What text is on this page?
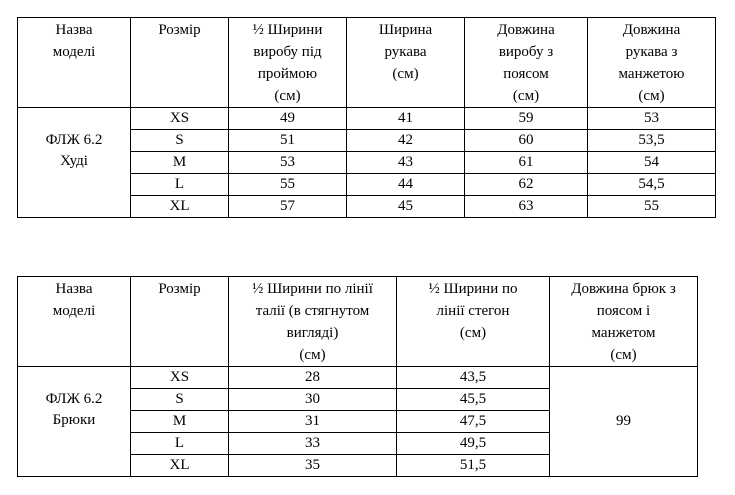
Назва
моделі	Розмір	½ Ширини
виробу під
проймою
(см)	Ширина
рукава
(см)	Довжина
виробу з
поясом
(см)	Довжина
рукава з
манжетою
(см)

ФЛЖ 6.2
Худі	XS	49	41	59	53
	S	51	42	60	53,5
	M	53	43	61	54
	L	55	44	62	54,5
	XL	57	45	63	55
Назва
моделі	Розмір	½ Ширини по лінії
талії (в стягнутом
вигляді)
(см)	½ Ширини по
лінії стегон
(см)	Довжина брюк з
поясом і
манжетом
(см)

ФЛЖ 6.2
Брюки	XS	28	43,5	99
	S	30	45,5	
	M	31	47,5	
	L	33	49,5	
	XL	35	51,5	
